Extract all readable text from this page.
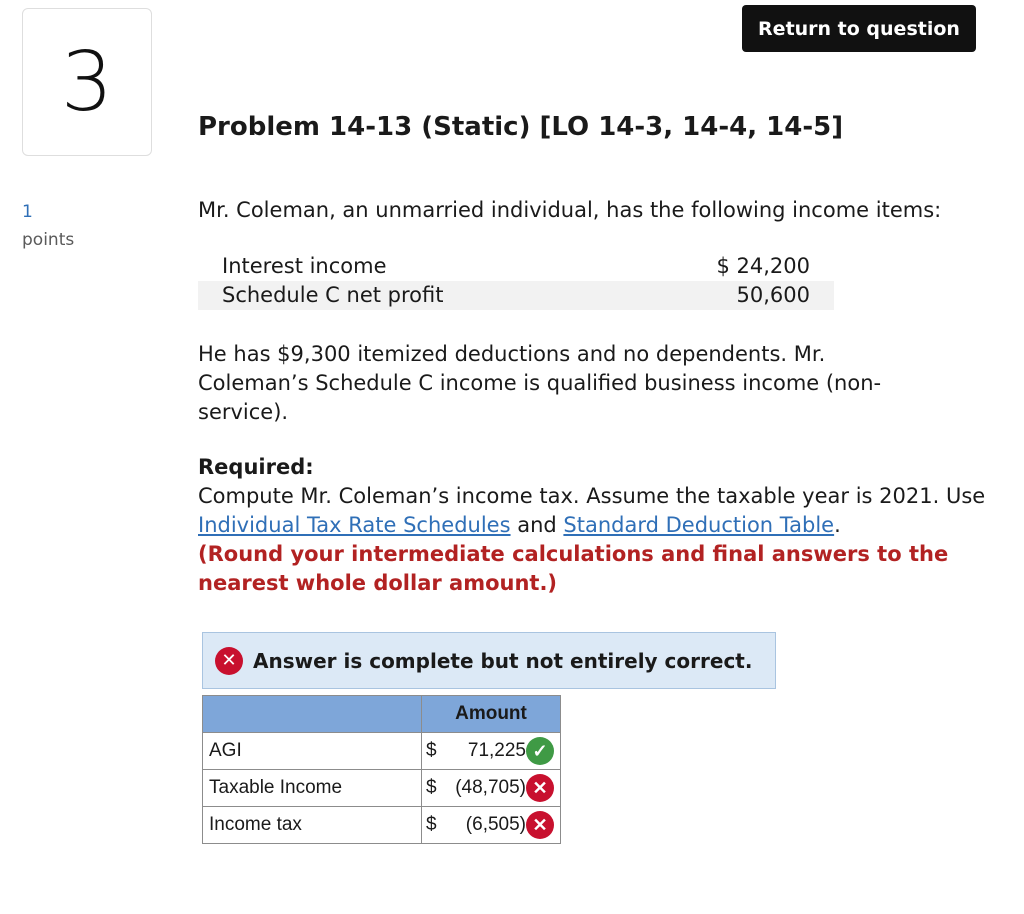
3
1
points
Return to question
Problem 14-13 (Static) [LO 14-3, 14-4, 14-5]

Mr. Coleman, an unmarried individual, has the following income items:

Interest income	$ 24,200
Schedule C net profit	50,600

He has $9,300 itemized deductions and no dependents. Mr. Coleman’s Schedule C income is qualified business income (non-service).

Required:
Compute Mr. Coleman’s income tax. Assume the taxable year is 2021. Use Individual Tax Rate Schedules and Standard Deduction Table.
(Round your intermediate calculations and final answers to the nearest whole dollar amount.)
✕ Answer is complete but not entirely correct.
	Amount
AGI	$ 71,225 ✓

Taxable Income	$ (48,705) ✕

Income tax	$ (6,505) ✕
